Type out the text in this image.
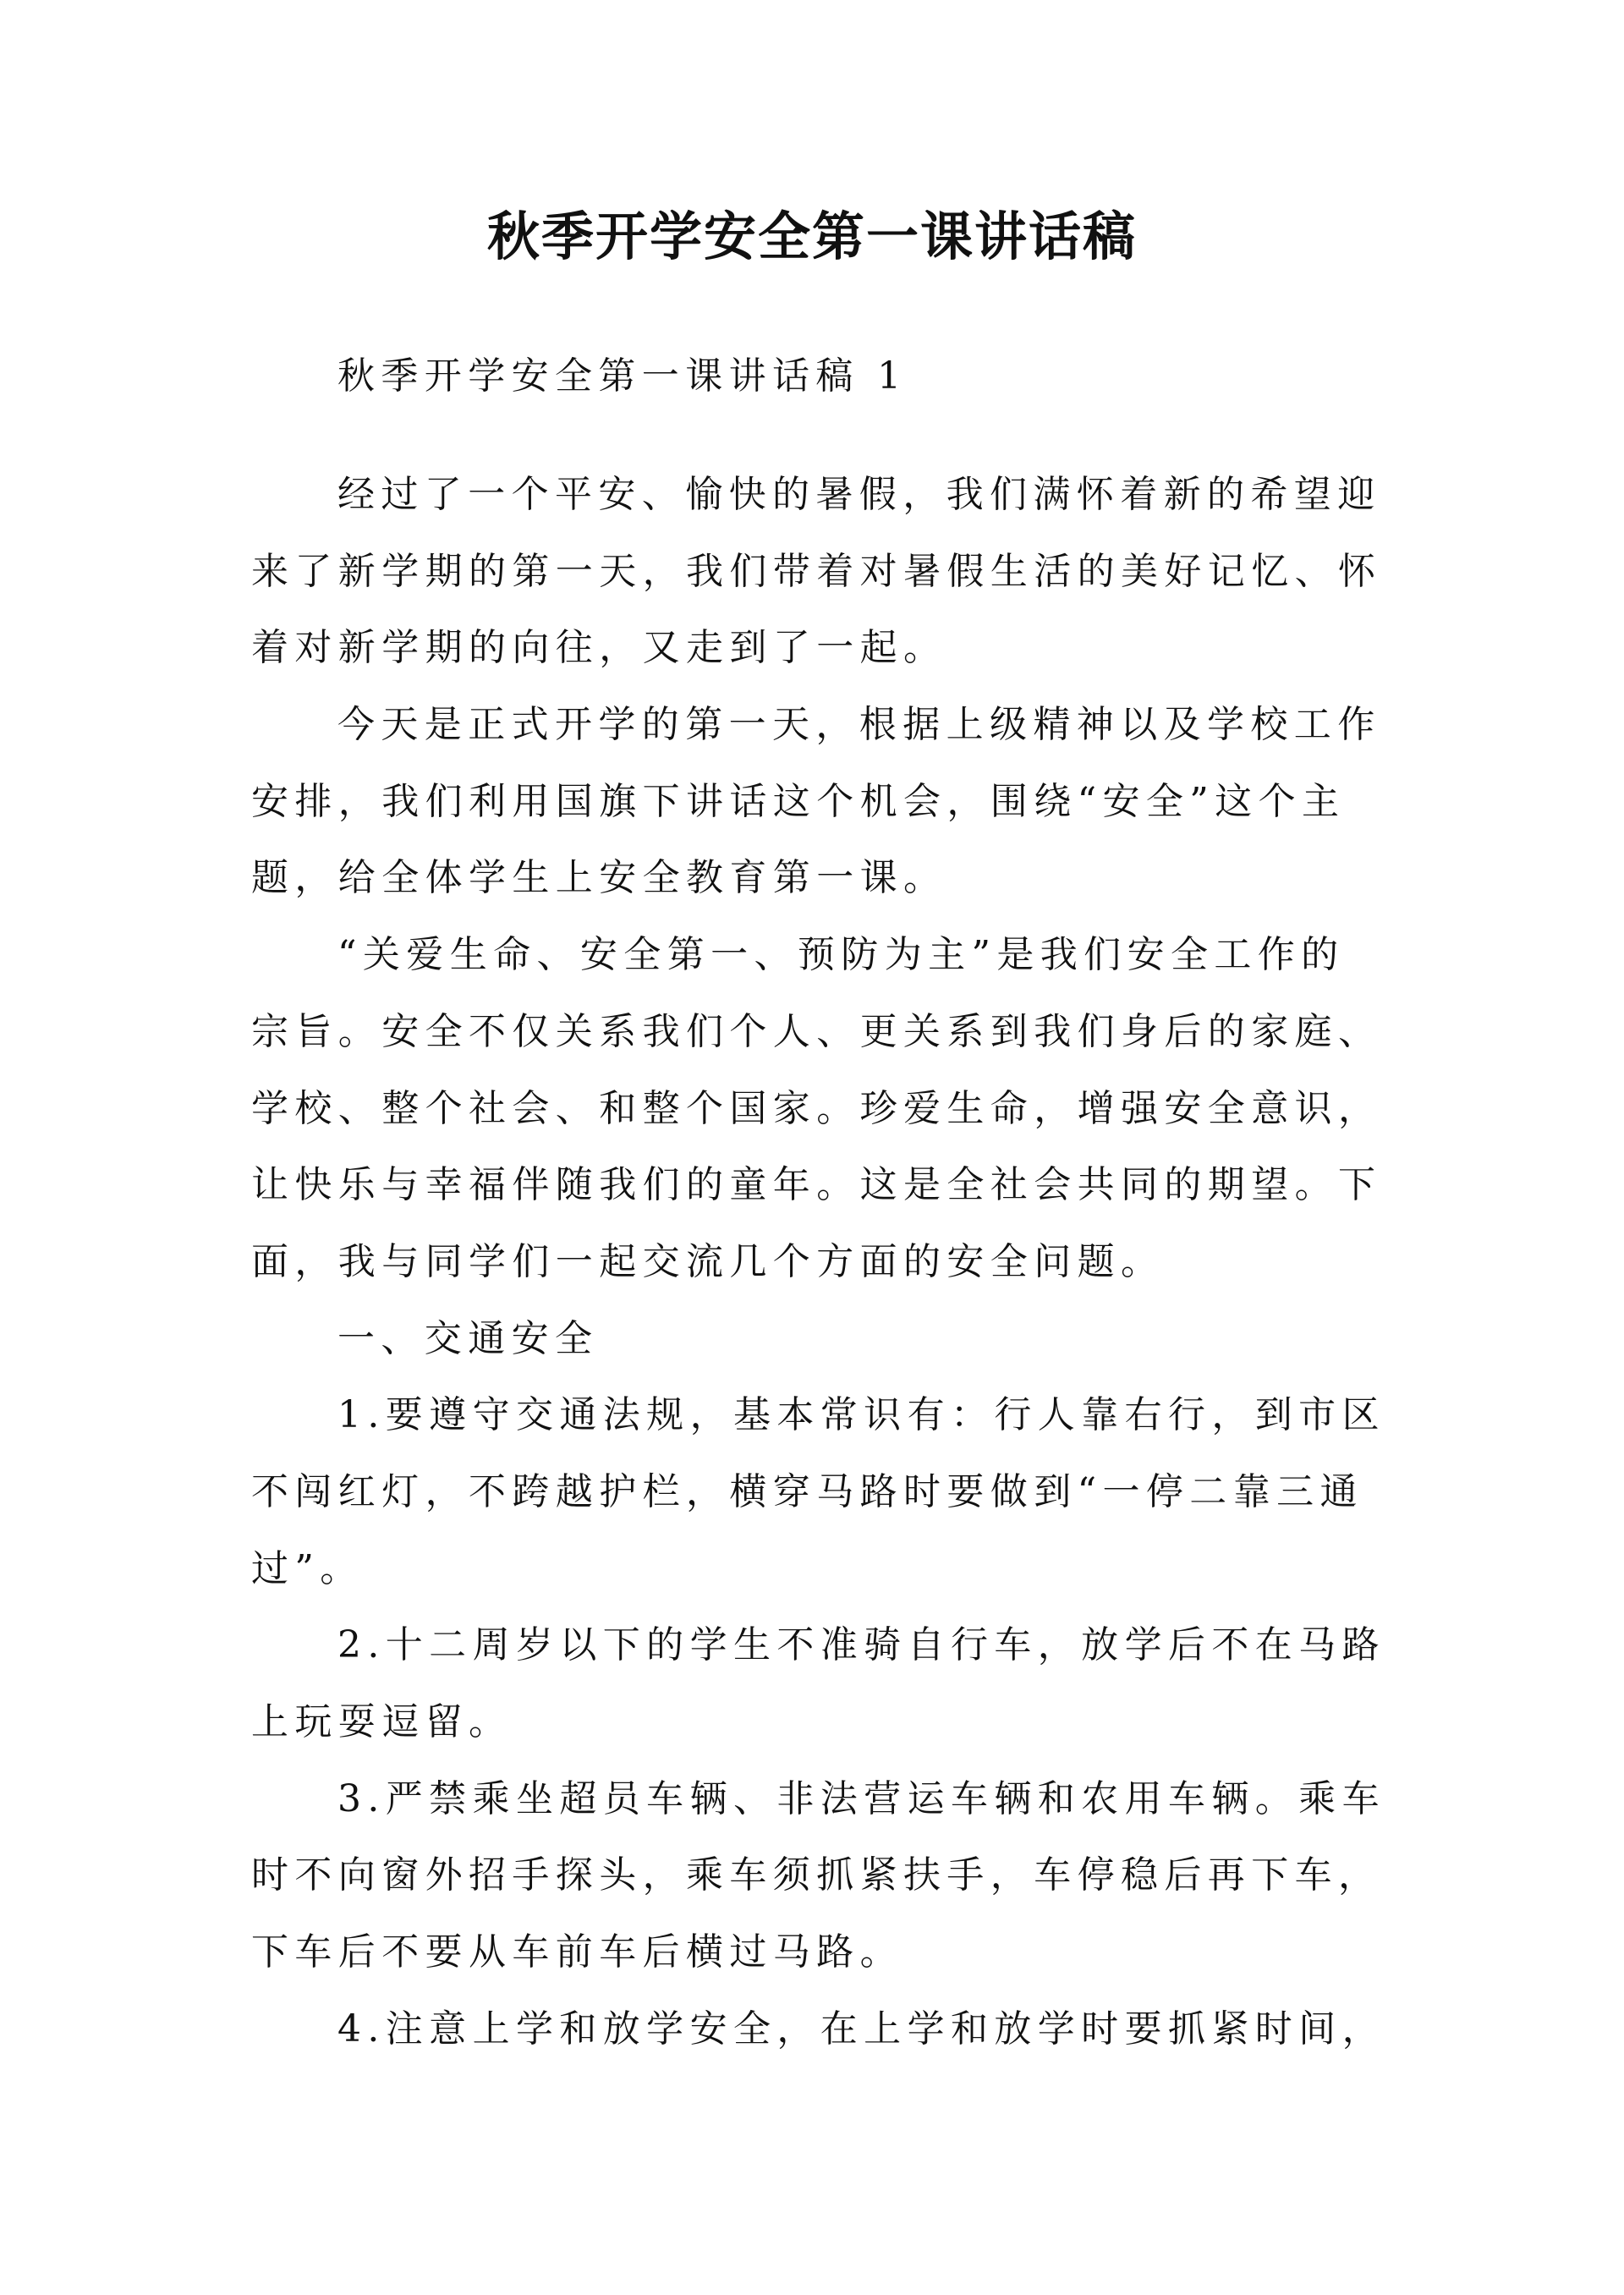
秋季开学安全第一课讲话稿
秋季开学安全第一课讲话稿 1
经过了一个平安、愉快的暑假，我们满怀着新的希望迎
来了新学期的第一天，我们带着对暑假生活的美好记忆、怀
着对新学期的向往，又走到了一起。
今天是正式开学的第一天，根据上级精神以及学校工作
安排，我们利用国旗下讲话这个机会，围绕“安全”这个主
题，给全体学生上安全教育第一课。
“关爱生命、安全第一、预防为主”是我们安全工作的
宗旨。安全不仅关系我们个人、更关系到我们身后的家庭、
学校、整个社会、和整个国家。珍爱生命，增强安全意识，
让快乐与幸福伴随我们的童年。这是全社会共同的期望。下
面，我与同学们一起交流几个方面的安全问题。
一、交通安全
1.要遵守交通法规，基本常识有：行人靠右行，到市区
不闯红灯，不跨越护栏，横穿马路时要做到“一停二靠三通
过”。
2.十二周岁以下的学生不准骑自行车，放学后不在马路
上玩耍逗留。
3.严禁乘坐超员车辆、非法营运车辆和农用车辆。乘车
时不向窗外招手探头，乘车须抓紧扶手，车停稳后再下车，
下车后不要从车前车后横过马路。
4.注意上学和放学安全，在上学和放学时要抓紧时间，
